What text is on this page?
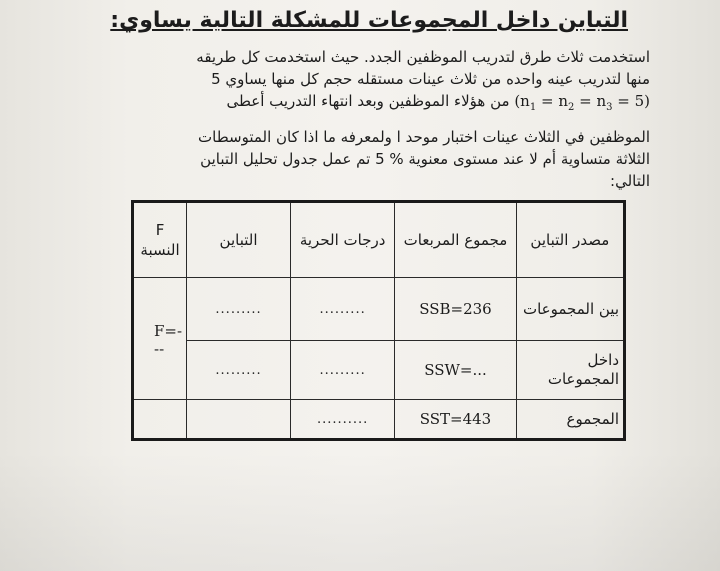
التباين داخل المجموعات للمشكلة التالية يساوي:

استخدمت ثلاث طرق لتدريب الموظفين الجدد. حيث استخدمت كل طريقه

منها لتدريب عينه واحده من ثلاث عينات مستقله حجم كل منها يساوي 5

$(n_1 = n_2 = n_3 = 5)$ من هؤلاء الموظفين وبعد انتهاء التدريب أعطى

الموظفين في الثلاث عينات اختبار موحد ا ولمعرفه ما اذا كان المتوسطات

الثلاثة متساوية أم لا عند مستوى معنوية % 5 تم عمل جدول تحليل التباين

التالي:

مصدر التباين	مجموع المربعات	درجات الحرية	التباين	F النسبة
بين المجموعات	SSB=236	.........	.........	F=---
داخل المجموعات	SSW=...	.........	.........	
المجموع	SST=443	..........		
